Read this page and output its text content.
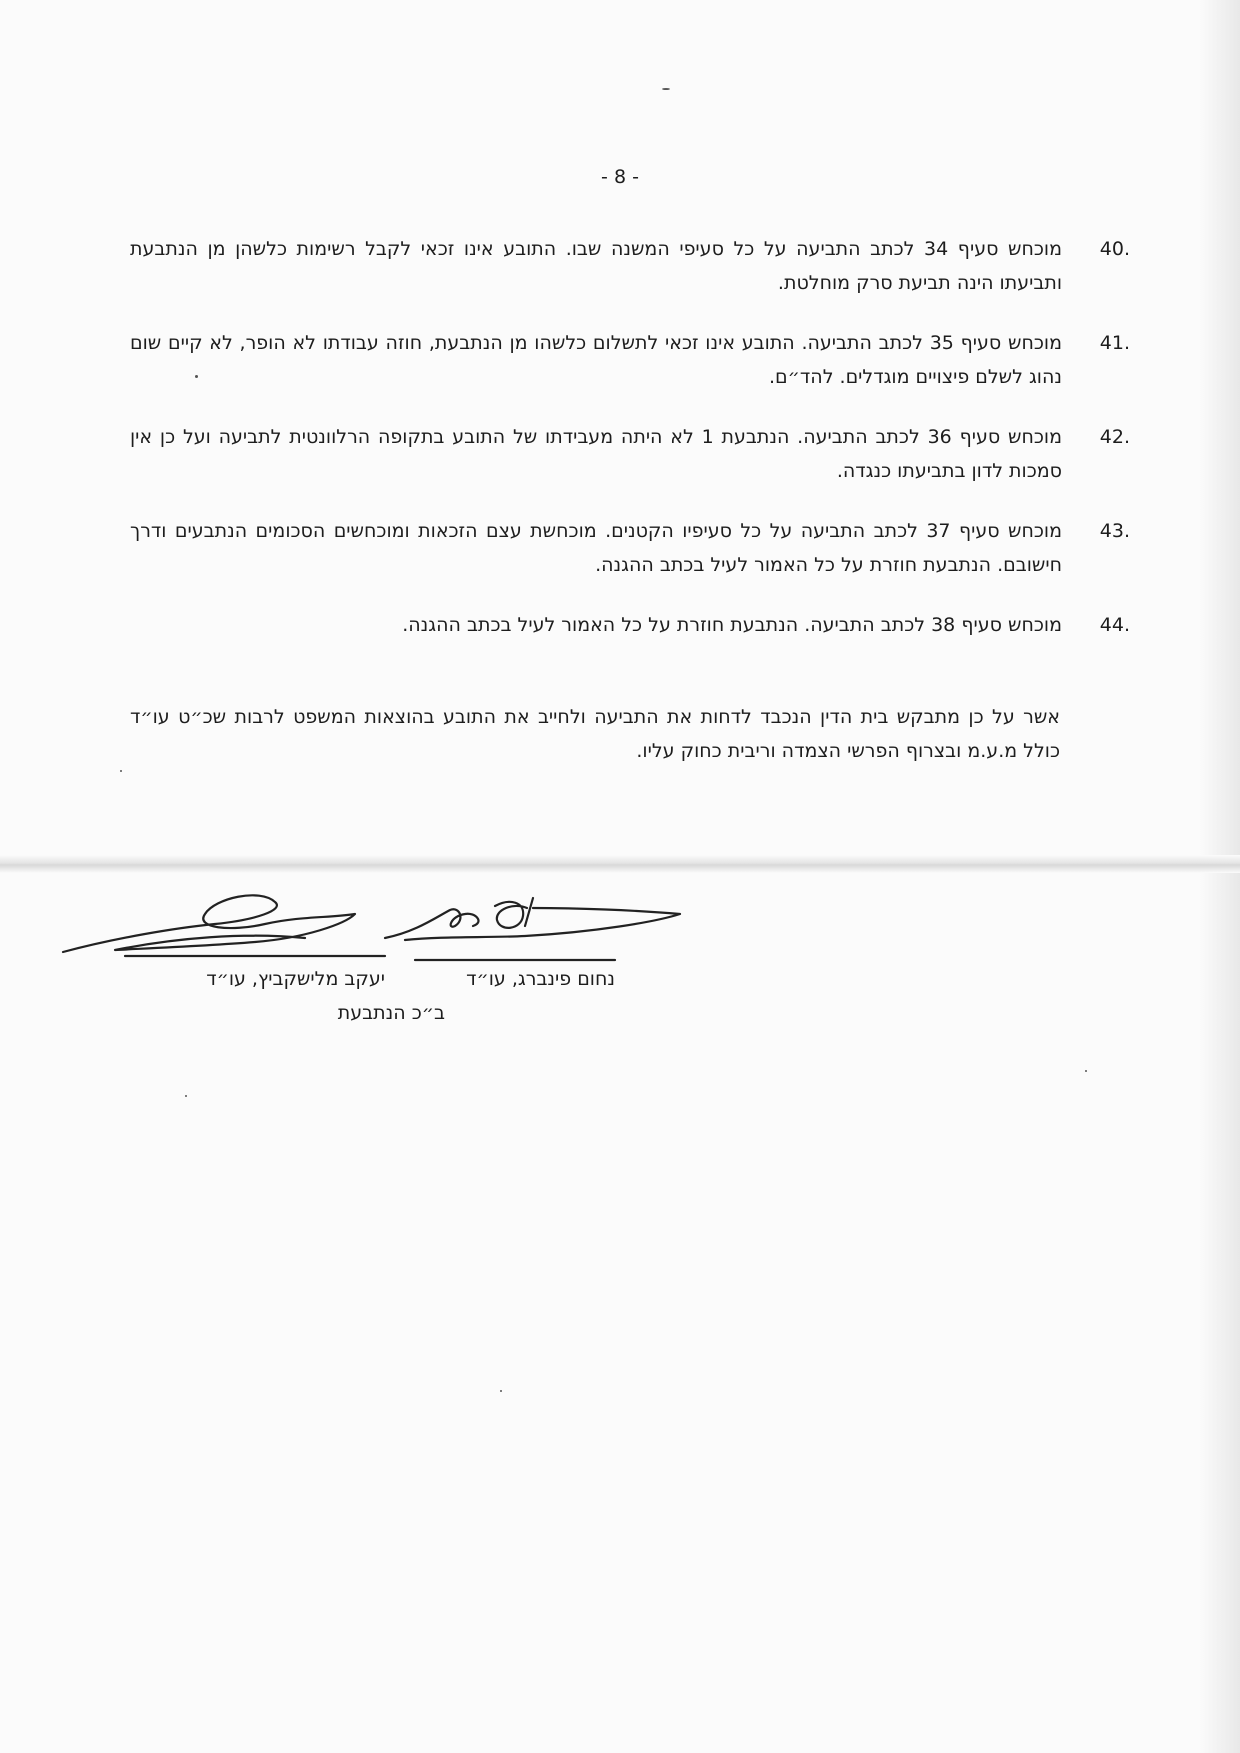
- 8 -
.40
מוכחש סעיף 34 לכתב התביעה על כל סעיפי המשנה שבו. התובע אינו זכאי לקבל רשימות כלשהן מן הנתבעת ותביעתו הינה תביעת סרק מוחלטת.
.41
מוכחש סעיף 35 לכתב התביעה. התובע אינו זכאי לתשלום כלשהו מן הנתבעת, חוזה עבודתו לא הופר, לא קיים שום נהוג לשלם פיצויים מוגדלים. להד״ם.
.42
מוכחש סעיף 36 לכתב התביעה. הנתבעת 1 לא היתה מעבידתו של התובע בתקופה הרלוונטית לתביעה ועל כן אין סמכות לדון בתביעתו כנגדה.
.43
מוכחש סעיף 37 לכתב התביעה על כל סעיפיו הקטנים. מוכחשת עצם הזכאות ומוכחשים הסכומים הנתבעים ודרך חישובם. הנתבעת חוזרת על כל האמור לעיל בכתב ההגנה.
.44
מוכחש סעיף 38 לכתב התביעה. הנתבעת חוזרת על כל האמור לעיל בכתב ההגנה.
אשר על כן מתבקש בית הדין הנכבד לדחות את התביעה ולחייב את התובע בהוצאות המשפט לרבות שכ״ט עו״ד כולל מ.ע.מ ובצרוף הפרשי הצמדה וריבית כחוק עליו.
יעקב מלישקביץ, עו״ד	נחום פינברג, עו״ד
ב״כ הנתבעת
